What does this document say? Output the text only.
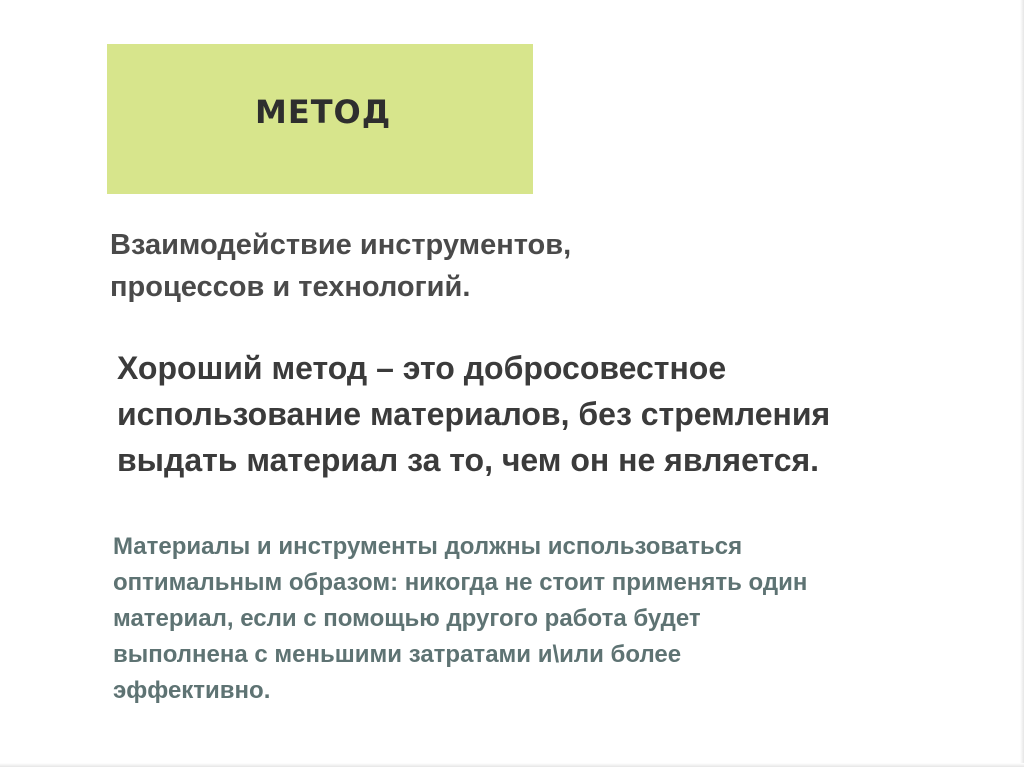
МЕТОД

Взаимодействие инструментов,
процессов и технологий.

Хороший метод – это добросовестное
использование материалов, без стремления
выдать материал за то, чем он не является.

Материалы и инструменты должны использоваться
оптимальным образом: никогда не стоит применять один
материал, если с помощью другого работа будет
выполнена с меньшими затратами и\или более
эффективно.
